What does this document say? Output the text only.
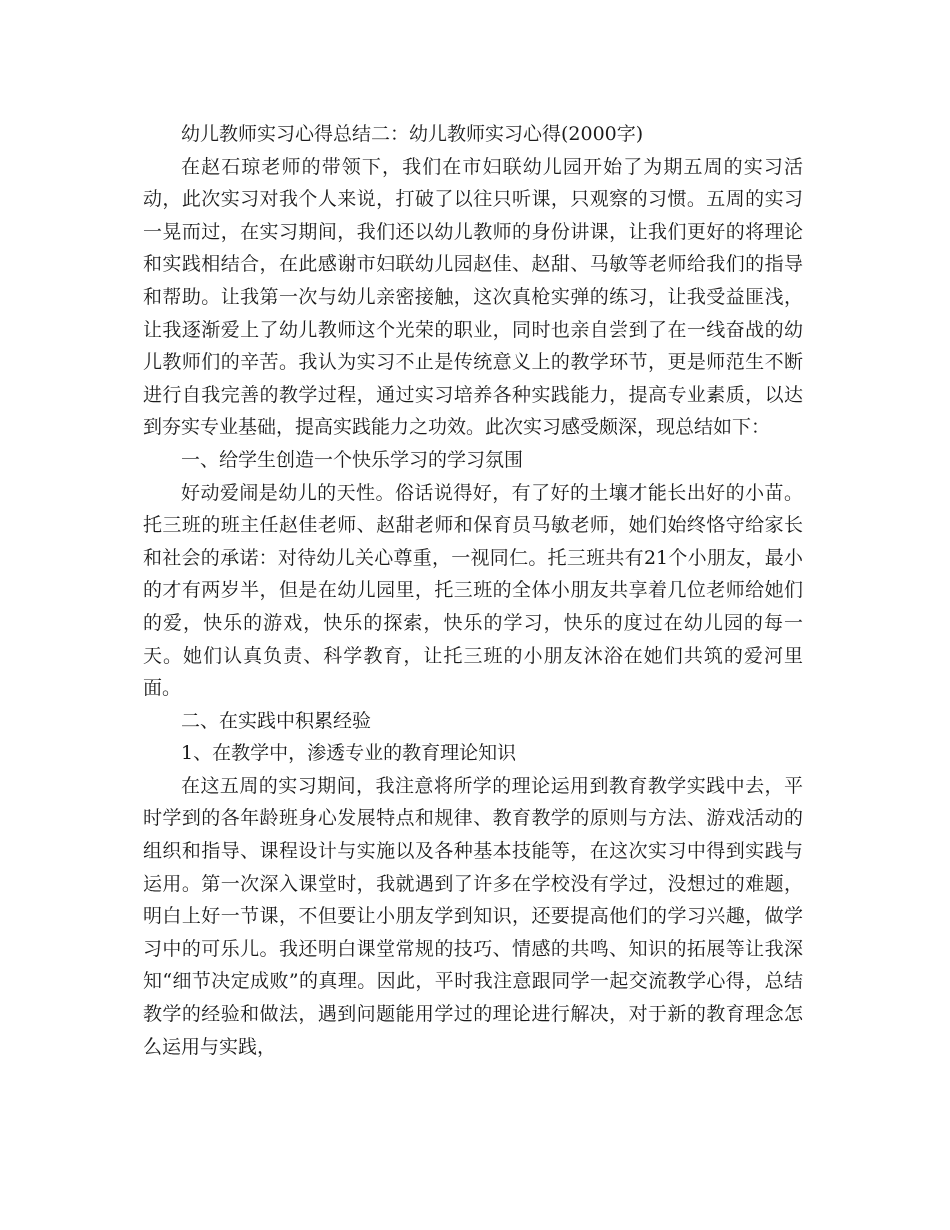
幼儿教师实习心得总结二：幼儿教师实习心得(2000字)

在赵石琼老师的带领下，我们在市妇联幼儿园开始了为期五周的实习活动，此次实习对我个人来说，打破了以往只听课，只观察的习惯。五周的实习一晃而过，在实习期间，我们还以幼儿教师的身份讲课，让我们更好的将理论和实践相结合，在此感谢市妇联幼儿园赵佳、赵甜、马敏等老师给我们的指导和帮助。让我第一次与幼儿亲密接触，这次真枪实弹的练习，让我受益匪浅，让我逐渐爱上了幼儿教师这个光荣的职业，同时也亲自尝到了在一线奋战的幼儿教师们的辛苦。我认为实习不止是传统意义上的教学环节，更是师范生不断进行自我完善的教学过程，通过实习培养各种实践能力，提高专业素质，以达到夯实专业基础，提高实践能力之功效。此次实习感受颇深，现总结如下：

一、给学生创造一个快乐学习的学习氛围

好动爱闹是幼儿的天性。俗话说得好，有了好的土壤才能长出好的小苗。托三班的班主任赵佳老师、赵甜老师和保育员马敏老师，她们始终恪守给家长和社会的承诺：对待幼儿关心尊重，一视同仁。托三班共有21个小朋友，最小的才有两岁半，但是在幼儿园里，托三班的全体小朋友共享着几位老师给她们的爱，快乐的游戏，快乐的探索，快乐的学习，快乐的度过在幼儿园的每一天。她们认真负责、科学教育，让托三班的小朋友沐浴在她们共筑的爱河里面。

二、在实践中积累经验

1、在教学中，渗透专业的教育理论知识

在这五周的实习期间，我注意将所学的理论运用到教育教学实践中去，平时学到的各年龄班身心发展特点和规律、教育教学的原则与方法、游戏活动的组织和指导、课程设计与实施以及各种基本技能等，在这次实习中得到实践与运用。第一次深入课堂时，我就遇到了许多在学校没有学过，没想过的难题，明白上好一节课，不但要让小朋友学到知识，还要提高他们的学习兴趣，做学习中的可乐儿。我还明白课堂常规的技巧、情感的共鸣、知识的拓展等让我深知“细节决定成败”的真理。因此，平时我注意跟同学一起交流教学心得，总结教学的经验和做法，遇到问题能用学过的理论进行解决，对于新的教育理念怎么运用与实践，
